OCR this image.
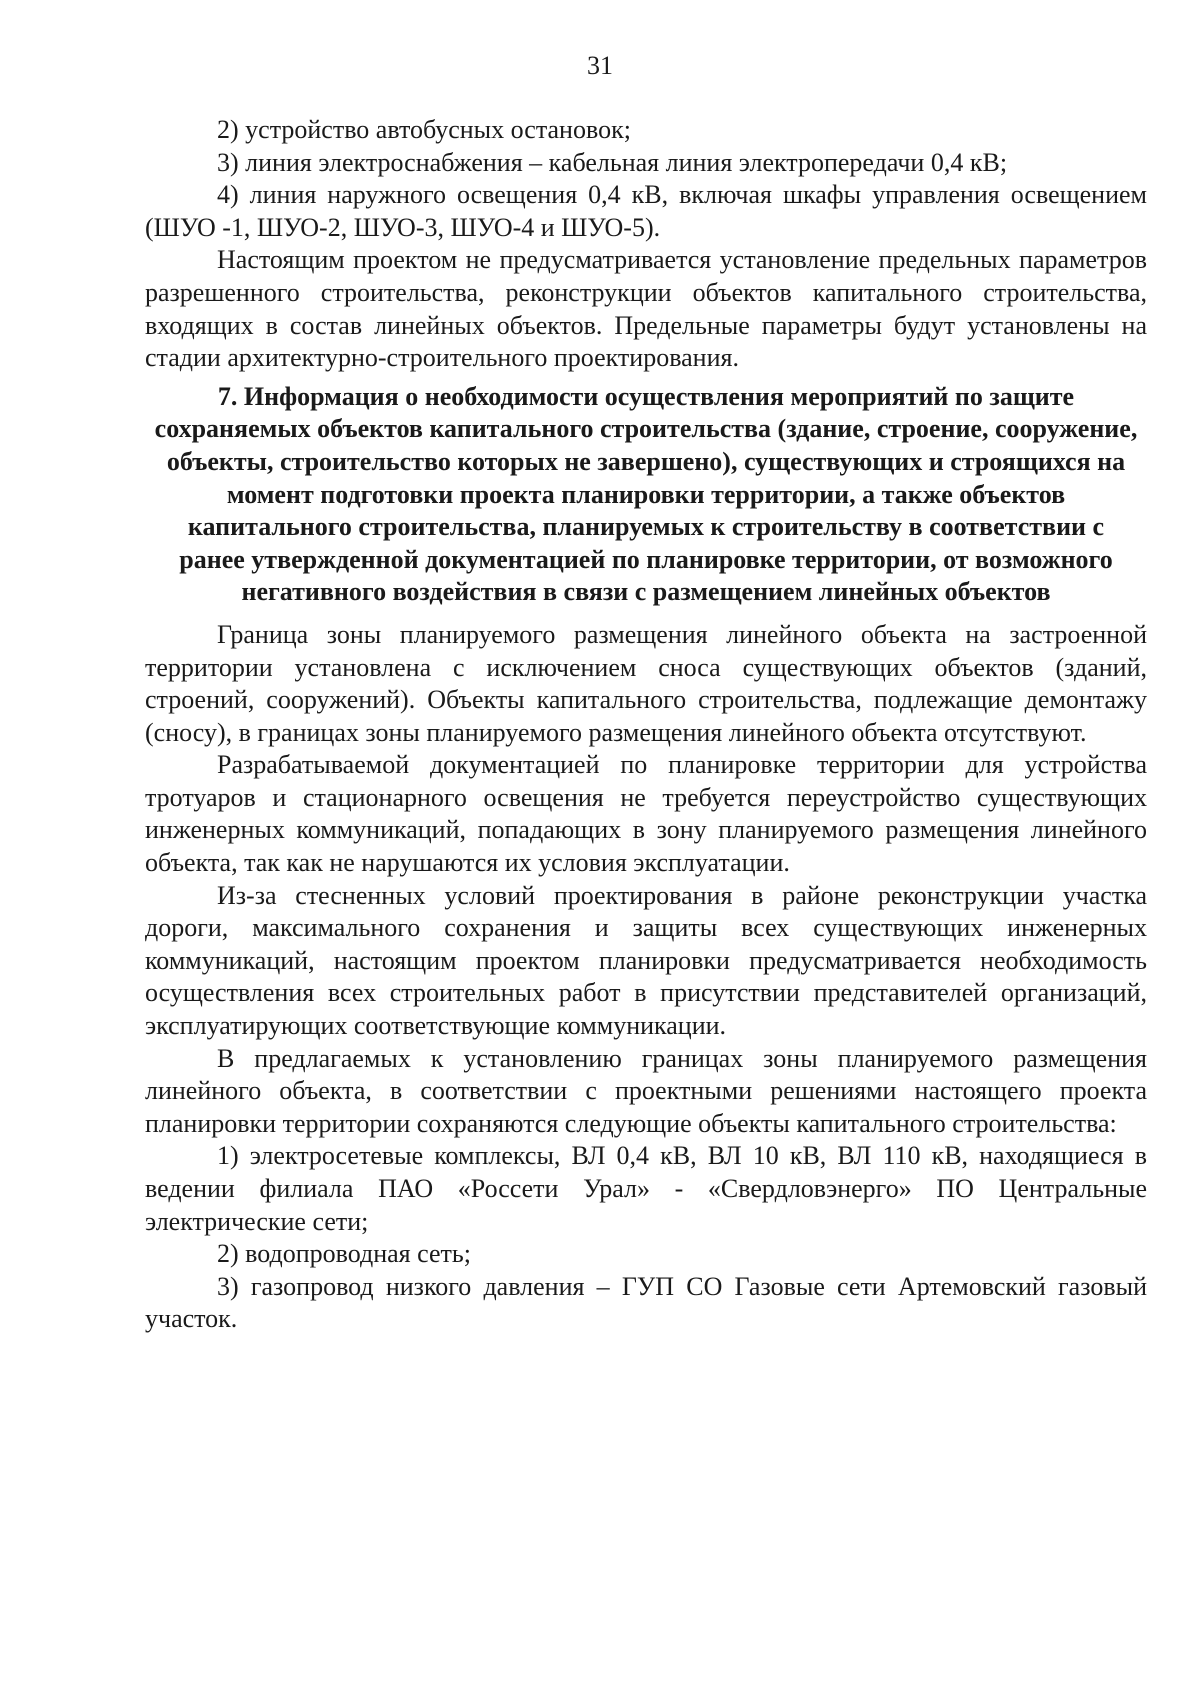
31

2) устройство автобусных остановок;

3) линия электроснабжения – кабельная линия электропередачи 0,4 кВ;

4) линия наружного освещения 0,4 кВ, включая шкафы управления освещением (ШУО -1, ШУО-2, ШУО-3, ШУО-4 и ШУО-5).

Настоящим проектом не предусматривается установление предельных параметров разрешенного строительства, реконструкции объектов капитального строительства, входящих в состав линейных объектов. Предельные параметры будут установлены на стадии архитектурно-строительного проектирования.

7. Информация о необходимости осуществления мероприятий по защите сохраняемых объектов капитального строительства (здание, строение, сооружение, объекты, строительство которых не завершено), существующих и строящихся на момент подготовки проекта планировки территории, а также объектов капитального строительства, планируемых к строительству в соответствии с ранее утвержденной документацией по планировке территории, от возможного негативного воздействия в связи с размещением линейных объектов

Граница зоны планируемого размещения линейного объекта на застроенной территории установлена с исключением сноса существующих объектов (зданий, строений, сооружений). Объекты капитального строительства, подлежащие демонтажу (сносу), в границах зоны планируемого размещения линейного объекта отсутствуют.

Разрабатываемой документацией по планировке территории для устройства тротуаров и стационарного освещения не требуется переустройство существующих инженерных коммуникаций, попадающих в зону планируемого размещения линейного объекта, так как не нарушаются их условия эксплуатации.

Из-за стесненных условий проектирования в районе реконструкции участка дороги, максимального сохранения и защиты всех существующих инженерных коммуникаций, настоящим проектом планировки предусматривается необходимость осуществления всех строительных работ в присутствии представителей организаций, эксплуатирующих соответствующие коммуникации.

В предлагаемых к установлению границах зоны планируемого размещения линейного объекта, в соответствии с проектными решениями настоящего проекта планировки территории сохраняются следующие объекты капитального строительства:

1) электросетевые комплексы, ВЛ 0,4 кВ, ВЛ 10 кВ, ВЛ 110 кВ, находящиеся в ведении филиала ПАО «Россети Урал» - «Свердловэнерго» ПО Центральные электрические сети;

2) водопроводная сеть;

3) газопровод низкого давления – ГУП СО Газовые сети Артемовский газовый участок.
